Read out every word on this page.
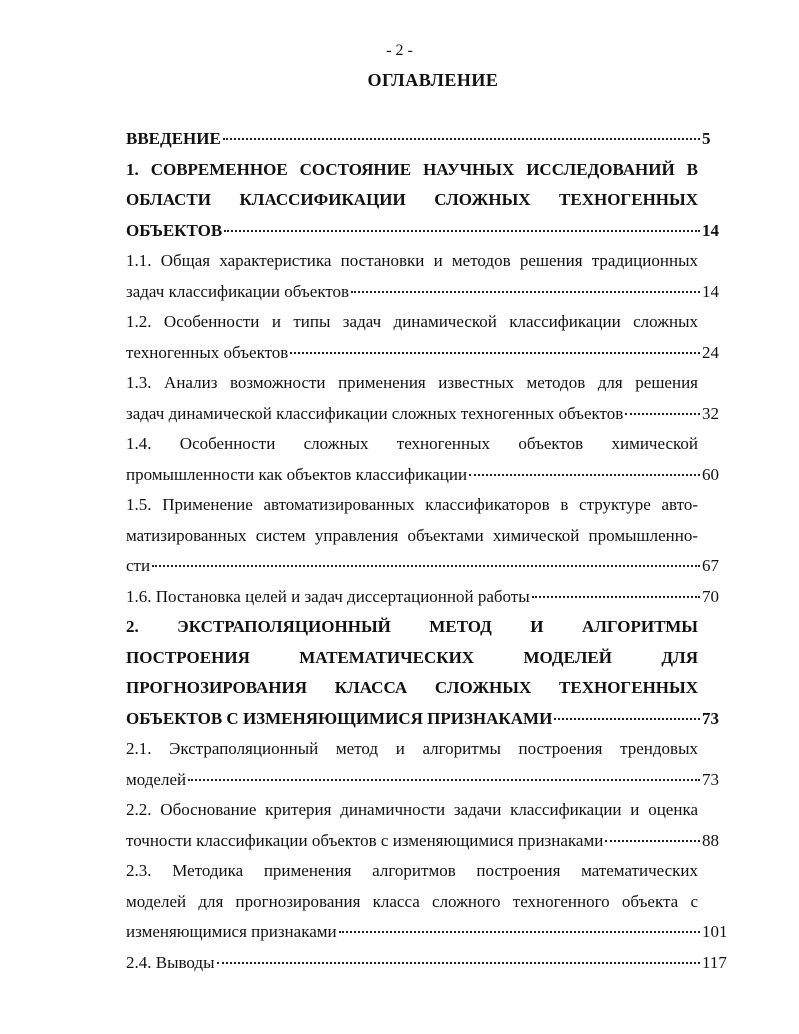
- 2 -
ОГЛАВЛЕНИЕ
ВВЕДЕНИЕ	5
1. СОВРЕМЕННОЕ СОСТОЯНИЕ НАУЧНЫХ ИССЛЕДОВАНИЙ В
ОБЛАСТИ КЛАССИФИКАЦИИ СЛОЖНЫХ ТЕХНОГЕННЫХ
ОБЪЕКТОВ	14
1.1. Общая характеристика постановки и методов решения традиционных
задач классификации объектов	14
1.2. Особенности и типы задач динамической классификации сложных
техногенных объектов	24
1.3. Анализ возможности применения известных методов для решения
задач динамической классификации сложных техногенных объектов	32
1.4. Особенности сложных техногенных объектов химической
промышленности как объектов классификации	60
1.5. Применение автоматизированных классификаторов в структуре авто-
матизированных систем управления объектами химической промышленно-
сти	67
1.6. Постановка целей и задач диссертационной работы	70
2. ЭКСТРАПОЛЯЦИОННЫЙ МЕТОД И АЛГОРИТМЫ
ПОСТРОЕНИЯ МАТЕМАТИЧЕСКИХ МОДЕЛЕЙ ДЛЯ
ПРОГНОЗИРОВАНИЯ КЛАССА СЛОЖНЫХ ТЕХНОГЕННЫХ
ОБЪЕКТОВ С ИЗМЕНЯЮЩИМИСЯ ПРИЗНАКАМИ	73
2.1. Экстраполяционный метод и алгоритмы построения трендовых
моделей	73
2.2. Обоснование критерия динамичности задачи классификации и оценка
точности классификации объектов с изменяющимися признаками	88
2.3. Методика применения алгоритмов построения математических
моделей для прогнозирования класса сложного техногенного объекта с
изменяющимися признаками	101
2.4. Выводы	117
